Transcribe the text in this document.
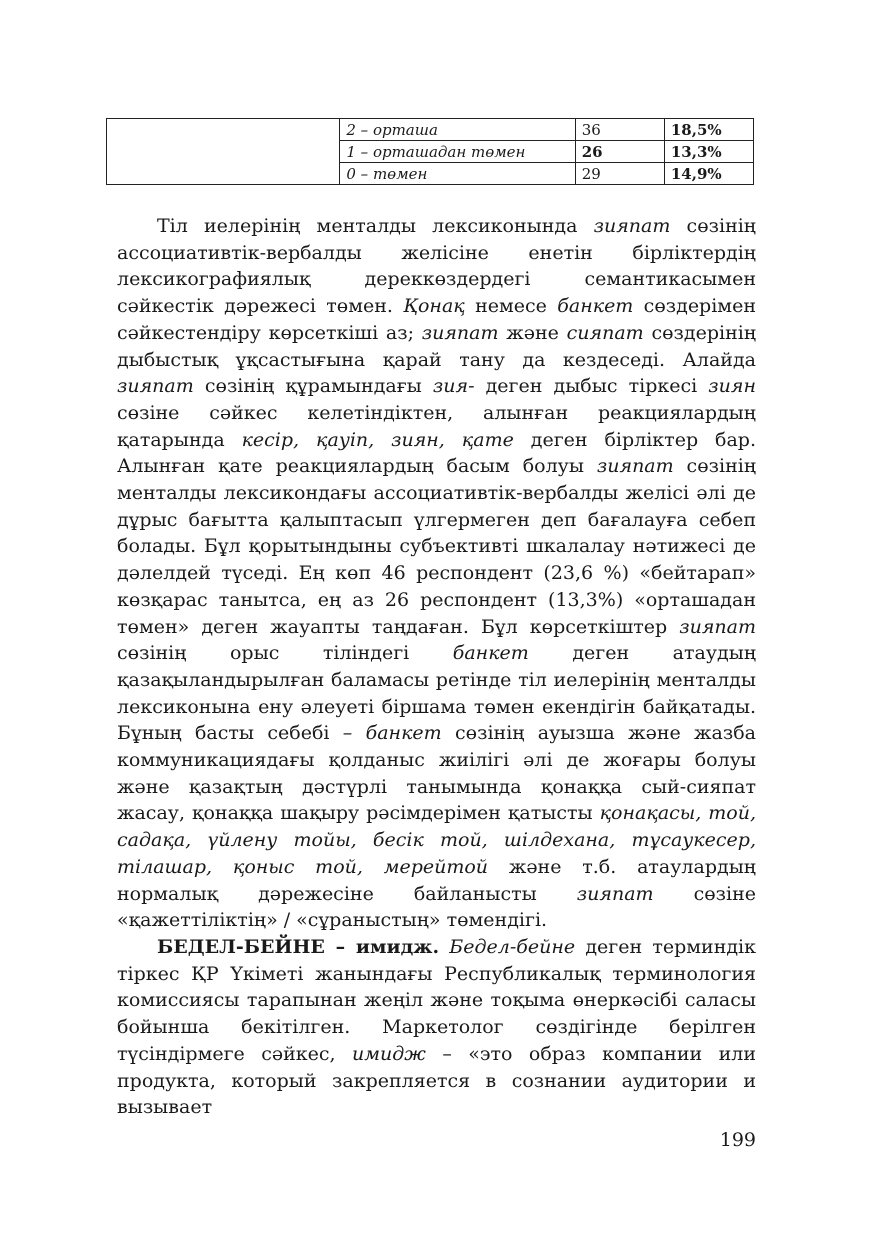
	2 – орташа	36	18,5%
	1 – орташадан төмен	26	13,3%
	0 – төмен	29	14,9%

Тіл иелерінің менталды лексиконында зияпат сөзінің ассоциативтік-вербалды желісіне енетін бірліктердің лексикографиялық дереккөздердегі семантикасымен сәйкестік дәрежесі төмен. Қонақ немесе банкет сөздерімен сәйкестендіру көрсеткіші аз; зияпат және сияпат сөздерінің дыбыстық ұқсастығына қарай тану да кездеседі. Алайда зияпат сөзінің құрамындағы зия- деген дыбыс тіркесі зиян сөзіне сәйкес келетіндіктен, алынған реакциялардың қатарында кесір, қауіп, зиян, қате деген бірліктер бар. Алынған қате реакциялардың басым болуы зияпат сөзінің менталды лексикондағы ассоциативтік-вербалды желісі әлі де дұрыс бағытта қалыптасып үлгермеген деп бағалауға себеп болады. Бұл қорытындыны субъективті шкалалау нәтижесі де дәлелдей түседі. Ең көп 46 респондент (23,6 %) «бейтарап» көзқарас танытса, ең аз 26 респондент (13,3%) «орташадан төмен» деген жауапты таңдаған. Бұл көрсеткіштер зияпат сөзінің орыс тіліндегі банкет деген атаудың қазақыландырылған баламасы ретінде тіл иелерінің менталды лексиконына ену әлеуеті біршама төмен екендігін байқатады. Бұның басты себебі – банкет сөзінің ауызша және жазба коммуникациядағы қолданыс жиілігі әлі де жоғары болуы және қазақтың дәстүрлі танымында қонаққа сый-сияпат жасау, қонаққа шақыру рәсімдерімен қатысты қонақасы, той, садақа, үйлену тойы, бесік той, шілдехана, тұсаукесер, тілашар, қоныс той, мерейтой және т.б. атаулардың нормалық дәрежесіне байланысты зияпат сөзіне «қажеттіліктің» / «сұраныстың» төмендігі.

БЕДЕЛ-БЕЙНЕ – имидж. Бедел-бейне деген терминдік тіркес ҚР Үкіметі жанындағы Республикалық терминология комиссиясы тарапынан жеңіл және тоқыма өнеркәсібі саласы бойынша бекітілген. Маркетолог сөздігінде берілген түсіндірмеге сәйкес, имидж – «это образ компании или продукта, который закрепляется в сознании аудитории и вызывает

199
